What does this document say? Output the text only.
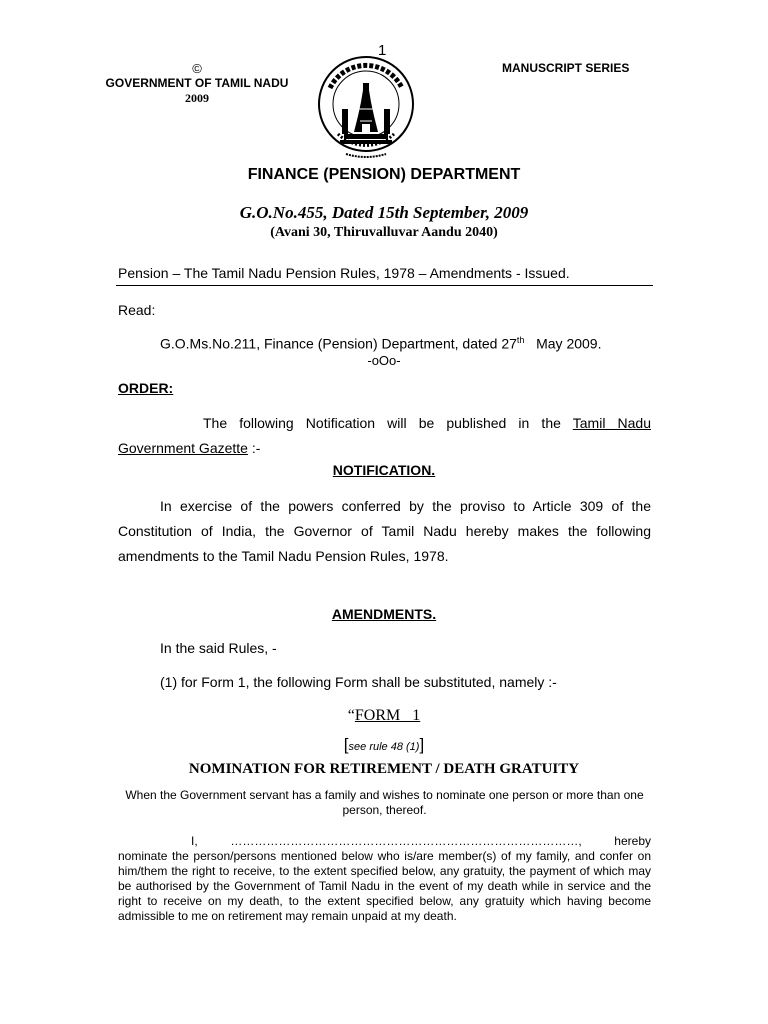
1
©
GOVERNMENT OF TAMIL NADU
2009
MANUSCRIPT SERIES
FINANCE (PENSION) DEPARTMENT
G.O.No.455, Dated 15th September, 2009
(Avani 30, Thiruvalluvar Aandu 2040)
Pension – The Tamil Nadu Pension Rules, 1978 – Amendments - Issued.
Read:
G.O.Ms.No.211, Finance (Pension) Department, dated 27th   May 2009.
-oOo-
ORDER:
The following Notification will be published in the Tamil Nadu Government Gazette :-
NOTIFICATION.
In exercise of the powers conferred by the proviso to Article 309 of the Constitution of India, the Governor of Tamil Nadu hereby makes the following amendments to the Tamil Nadu Pension Rules, 1978.
AMENDMENTS.
In the said Rules, -
(1) for Form 1, the following Form shall be substituted, namely :-
“FORM   1
[see rule 48 (1)]
NOMINATION FOR RETIREMENT / DEATH GRATUITY
When the Government servant has a family and wishes to nominate one person or more than one person, thereof.
I,	……………………………………………………………………………,	hereby
nominate the person/persons mentioned below who is/are member(s) of my family, and confer on him/them the right to receive, to the extent specified below, any gratuity, the payment of which may be authorised by the Government of Tamil Nadu in the event of my death while in service and the right to receive on my death, to the extent specified below, any gratuity which having become admissible to me on retirement may remain unpaid at my death.
